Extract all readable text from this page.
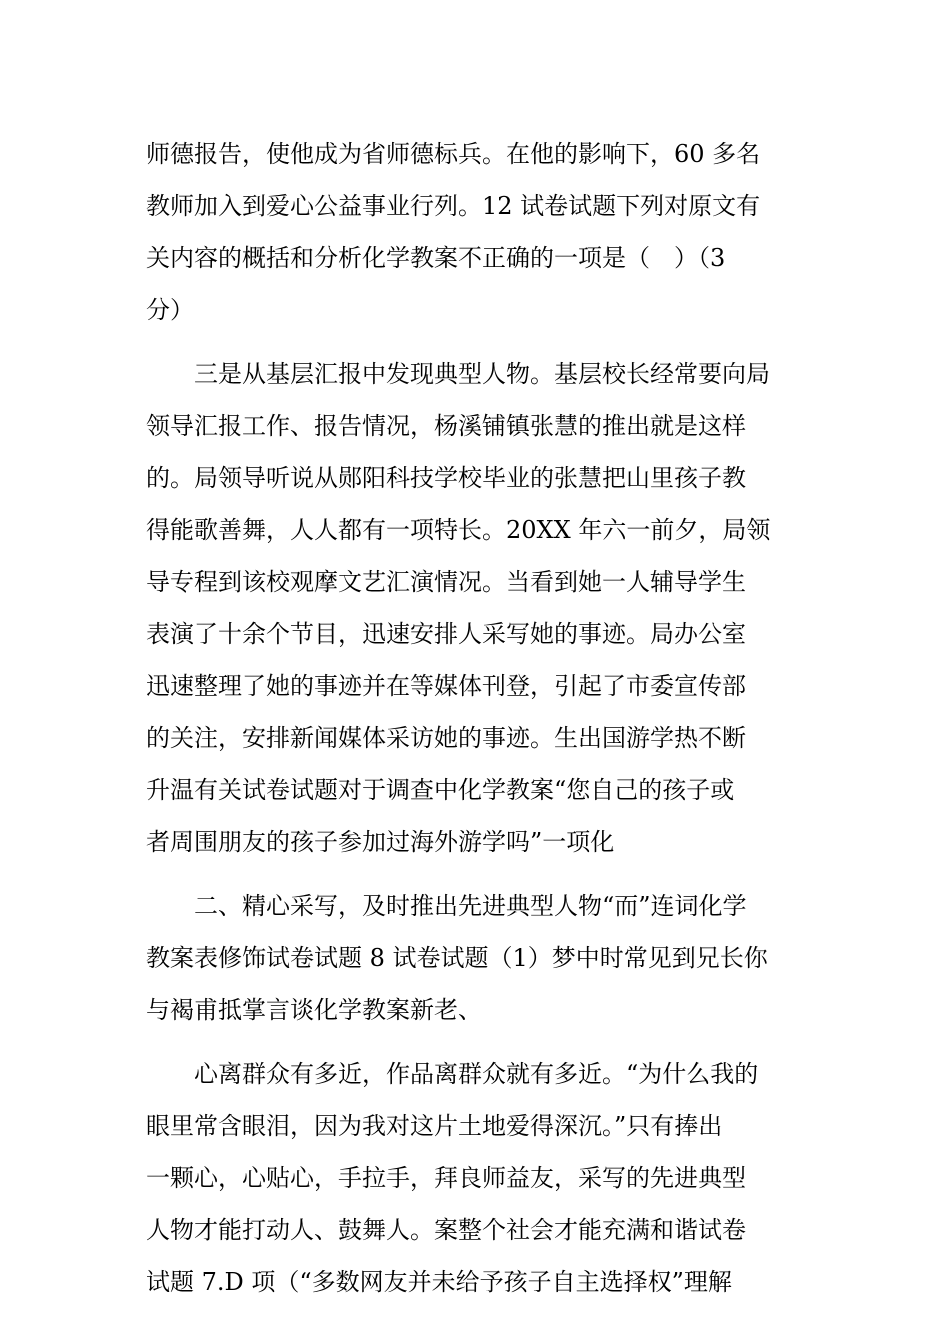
师德报告，使他成为省师德标兵。在他的影响下，60 多名
教师加入到爱心公益事业行列。12 试卷试题下列对原文有
关内容的概括和分析化学教案不正确的一项是（　）（3
分）
　　三是从基层汇报中发现典型人物。基层校长经常要向局
领导汇报工作、报告情况，杨溪铺镇张慧的推出就是这样
的。局领导听说从郧阳科技学校毕业的张慧把山里孩子教
得能歌善舞，人人都有一项特长。20XX 年六一前夕，局领
导专程到该校观摩文艺汇演情况。当看到她一人辅导学生
表演了十余个节目，迅速安排人采写她的事迹。局办公室
迅速整理了她的事迹并在等媒体刊登，引起了市委宣传部
的关注，安排新闻媒体采访她的事迹。生出国游学热不断
升温有关试卷试题对于调查中化学教案“您自己的孩子或
者周围朋友的孩子参加过海外游学吗”一项化
　　二、精心采写，及时推出先进典型人物“而”连词化学
教案表修饰试卷试题 8 试卷试题（1）梦中时常见到兄长你
与褐甫抵掌言谈化学教案新老、
　　心离群众有多近，作品离群众就有多近。“为什么我的
眼里常含眼泪，因为我对这片土地爱得深沉。”只有捧出
一颗心，心贴心，手拉手，拜良师益友，采写的先进典型
人物才能打动人、鼓舞人。案整个社会才能充满和谐试卷
试题 7.D 项（“多数网友并未给予孩子自主选择权”理解
